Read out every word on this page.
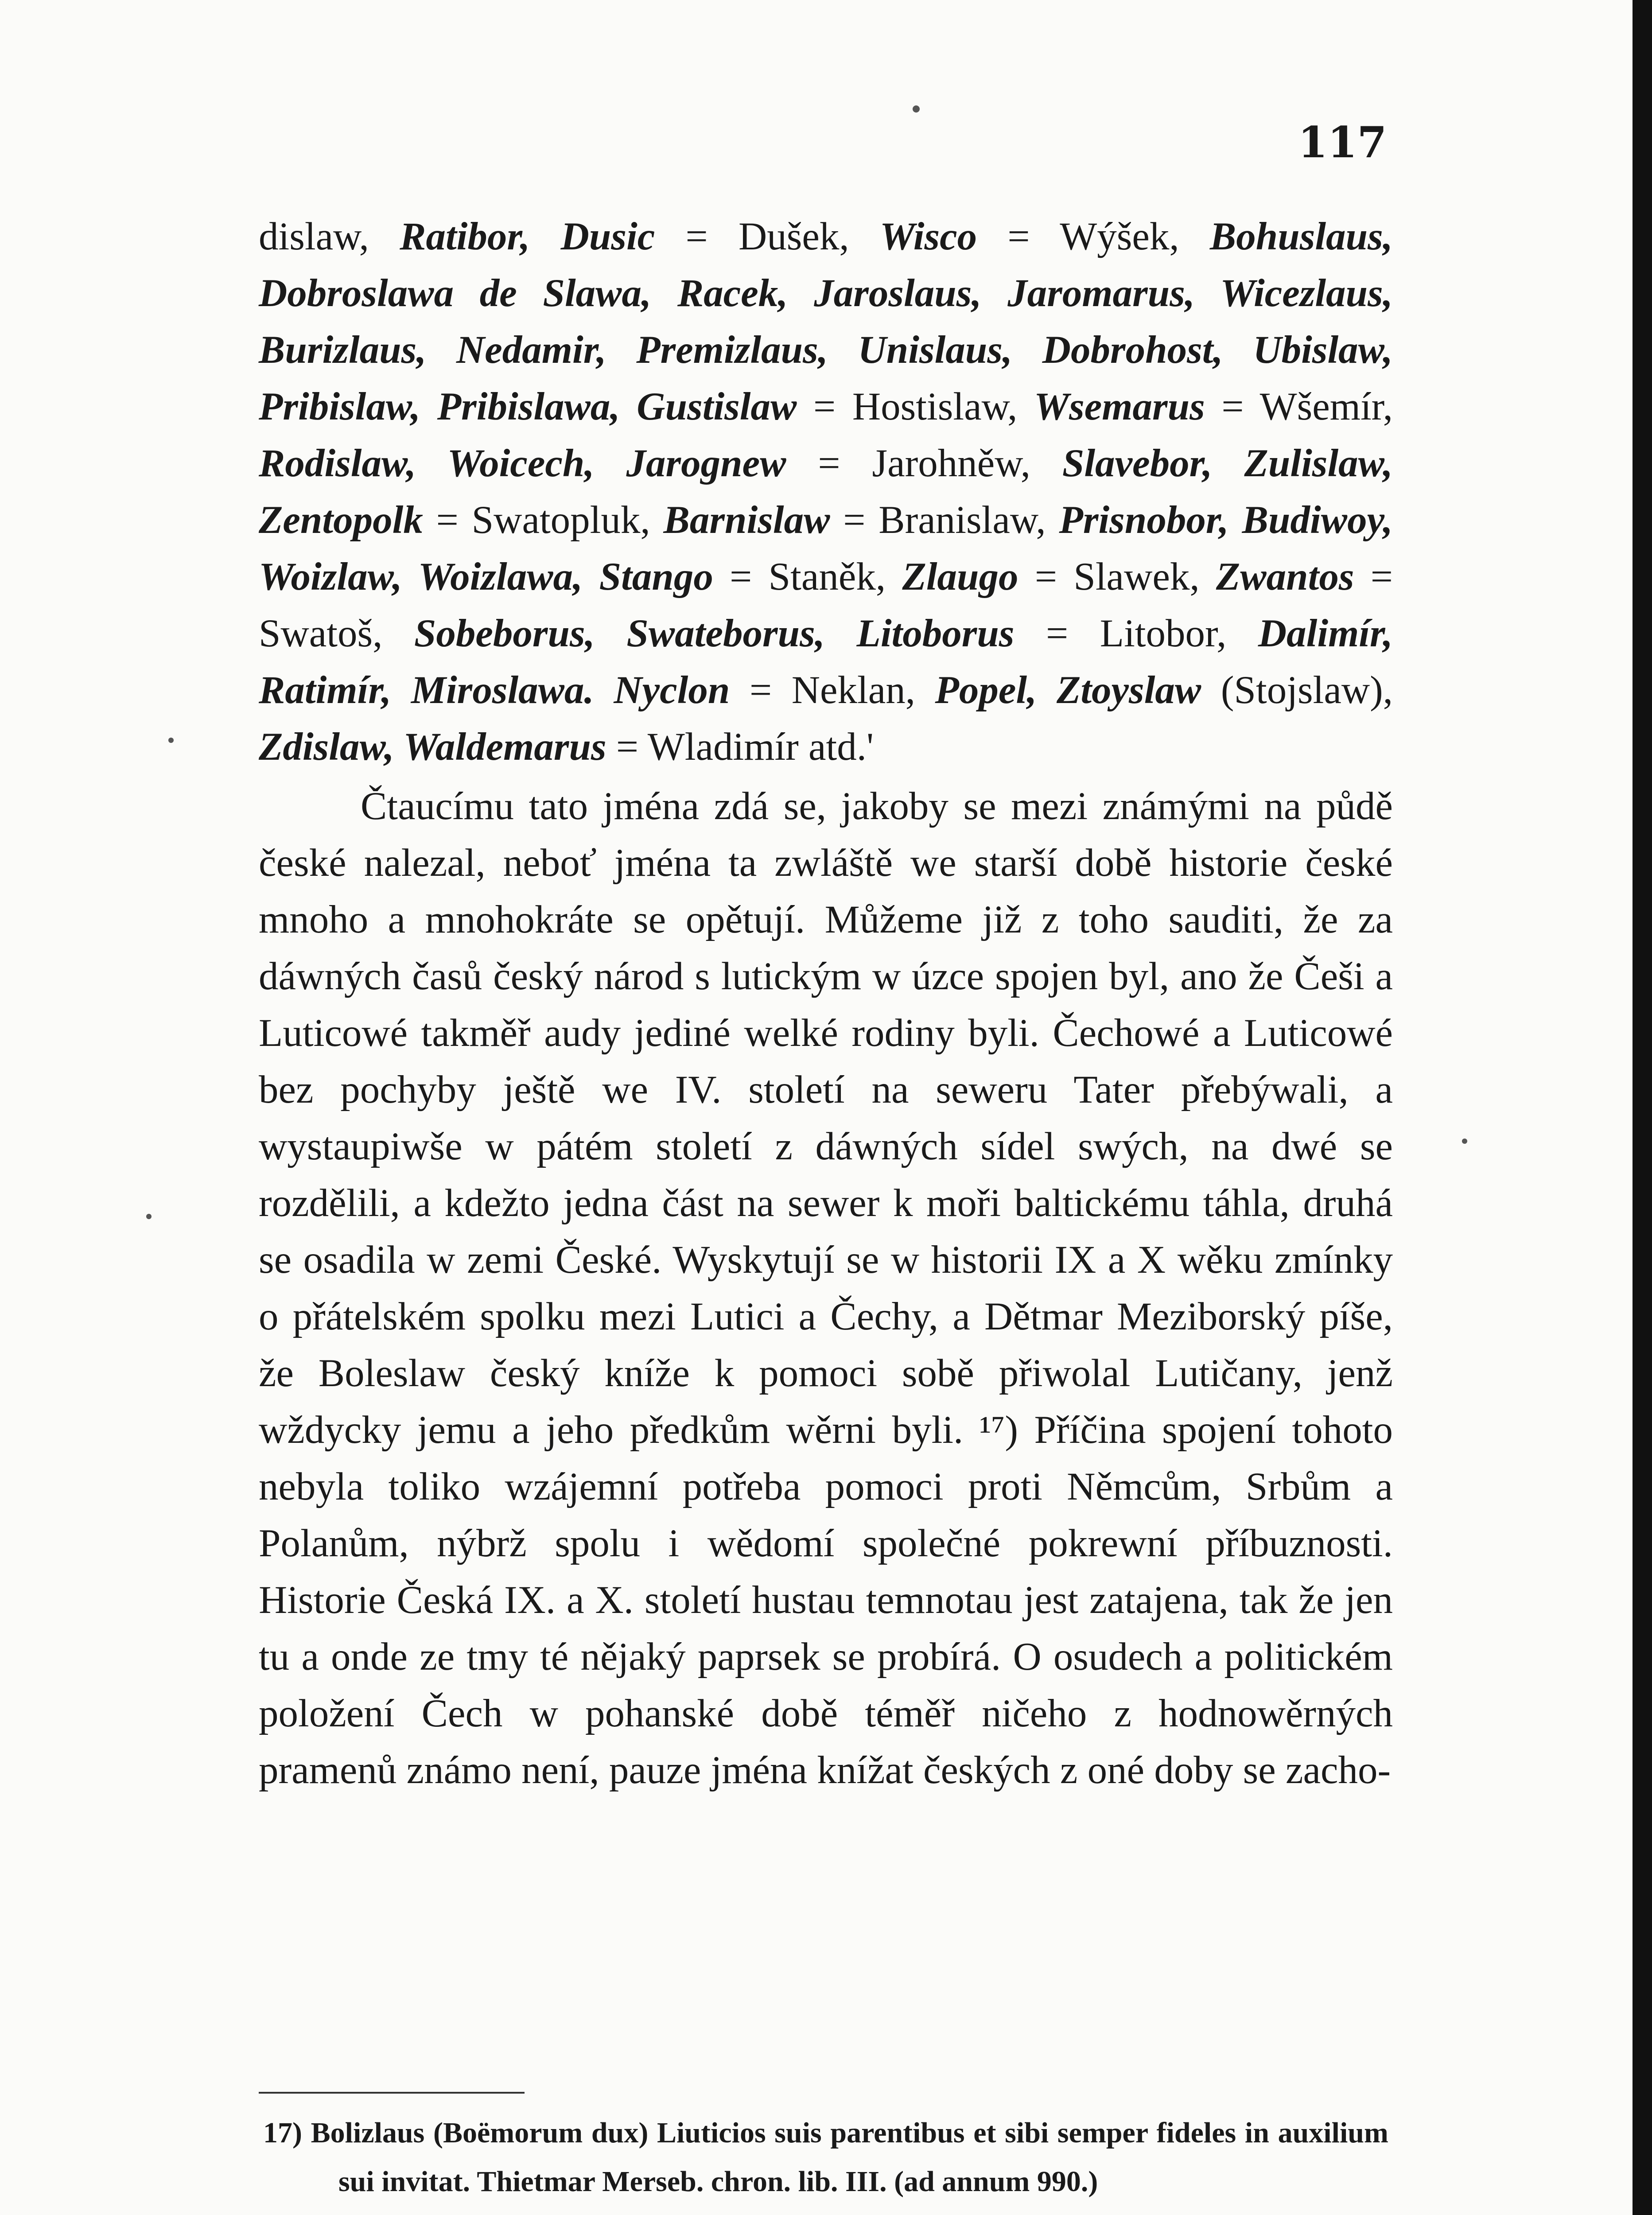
117

dislaw, Ratibor, Dusic = Dušek, Wisco = Wýšek, Bohuslaus, Dobroslawa de Slawa, Racek, Jaroslaus, Jaromarus, Wicezlaus, Burizlaus, Nedamir, Premizlaus, Unislaus, Dobrohost, Ubislaw, Pribislaw, Pribislawa, Gustislaw = Hostislaw, Wsemarus = Wšemír, Rodislaw, Woicech, Jarognew = Jarohněw, Slavebor, Zulislaw, Zentopolk = Swatopluk, Barnislaw = Branislaw, Prisnobor, Budiwoy, Woizlaw, Woizlawa, Stango = Staněk, Zlaugo = Slawek, Zwantos = Swatoš, Sobeborus, Swateborus, Litoborus = Litobor, Dalimír, Ratimír, Miroslawa. Nyclon = Neklan, Popel, Ztoyslaw (Stojslaw), Zdislaw, Waldemarus = Wladimír atd.'

Čtaucímu tato jména zdá se, jakoby se mezi známými na půdě české nalezal, neboť jména ta zwláště we starší době historie české mnoho a mnohokráte se opětují. Můžeme již z toho sauditi, že za dáwných časů český národ s lutickým w úzce spojen byl, ano že Češi a Luticowé takměř audy jediné welké rodiny byli. Čechowé a Luticowé bez pochyby ještě we IV. století na sewеru Tater přebýwali, a wystaupiwše w pátém století z dáwných sídel swých, na dwé se rozdělili, a kdežto jedna část na sewer k moři baltickému táhla, druhá se osadila w zemi České. Wyskytují se w historii IX a X wěku zmínky o přátelském spolku mezi Lutici a Čechy, a Dětmar Meziborský píše, že Boleslaw český kníže k pomoci sobě přiwolal Lutičany, jenž wždycky jemu a jeho předkům wěrni byli. ¹⁷) Příčina spojení tohoto nebyla toliko wzájemní potřeba pomoci proti Němcům, Srbům a Polanům, nýbrž spolu i wědomí společné pokrewní příbuznosti. Historie Česká IX. a X. století hustau temnotau jest zatajena, tak že jen tu a onde ze tmy té nějaký paprsek se probírá. O osudech a politickém položení Čech w pohanské době téměř ničeho z hodnowěrných pramenů známo není, pauze jména knížat českých z oné doby se zacho-

17) Bolizlaus (Boëmorum dux) Liuticios suis parentibus et sibi semper fideles in auxilium sui invitat. Thietmar Merseb. chron. lib. III. (ad annum 990.)
